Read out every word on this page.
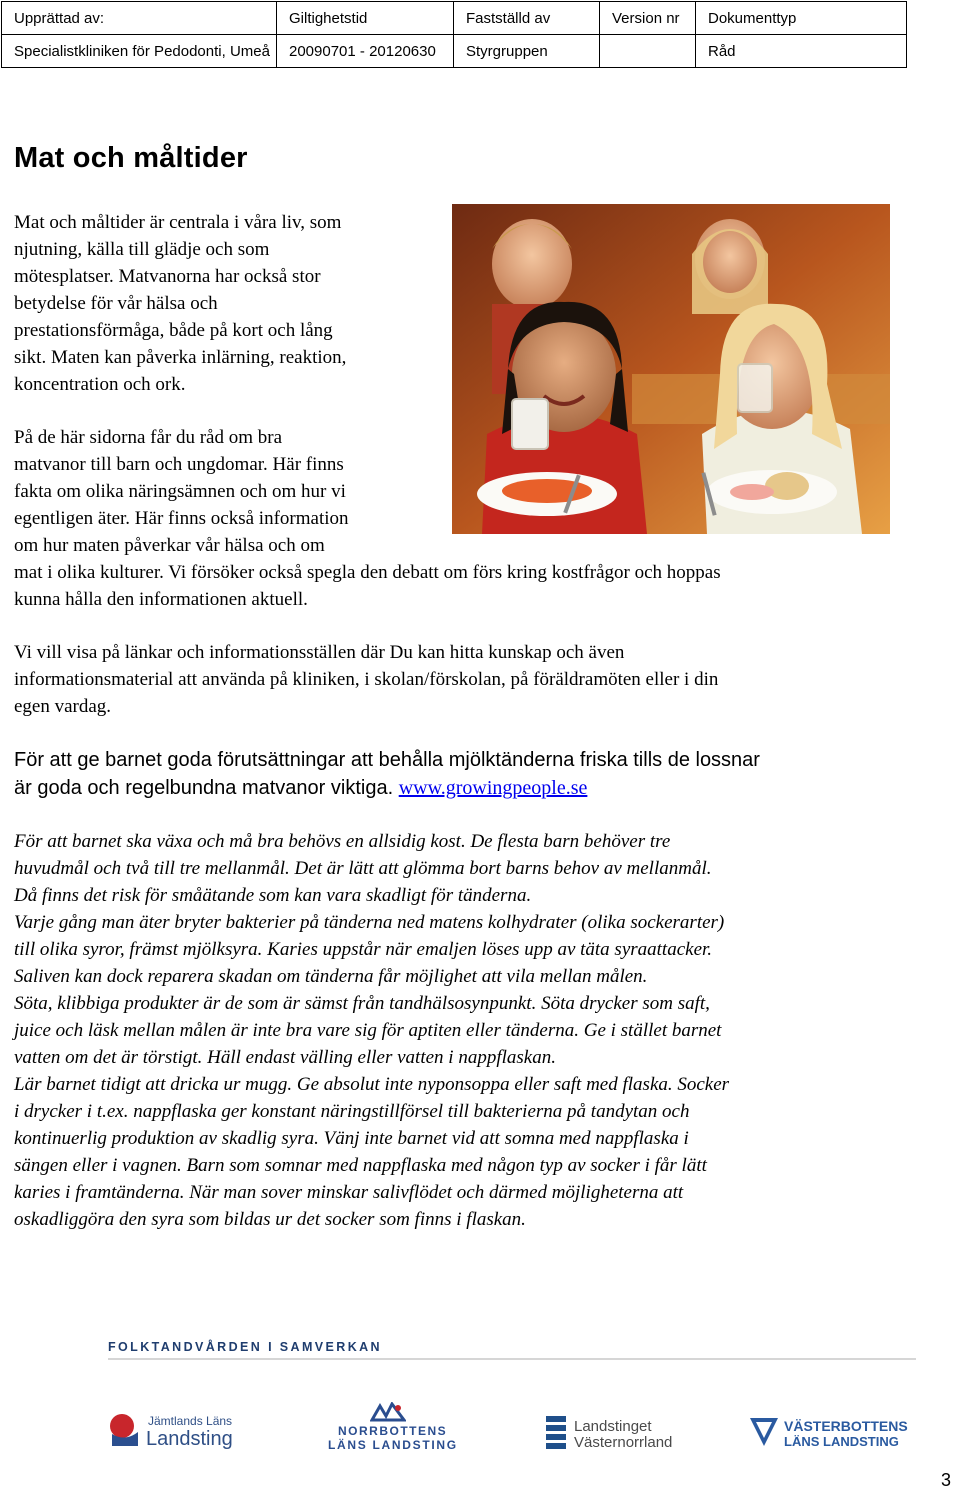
Upprättad av:	Giltighetstid	Fastställd av	Version nr	Dokumenttyp
Specialistkliniken för Pedodonti, Umeå	20090701 - 20120630	Styrgruppen		Råd
Mat och måltider

Mat och måltider är centrala i våra liv, som
njutning, källa till glädje och som
mötesplatser. Matvanorna har också stor
betydelse för vår hälsa och
prestationsförmåga, både på kort och lång
sikt. Maten kan påverka inlärning, reaktion,
koncentration och ork.

På de här sidorna får du råd om bra
matvanor till barn och ungdomar. Här finns
fakta om olika näringsämnen och om hur vi
egentligen äter. Här finns också information
om hur maten påverkar vår hälsa och om
mat i olika kulturer. Vi försöker också spegla den debatt om förs kring kostfrågor och hoppas
kunna hålla den informationen aktuell.

Vi vill visa på länkar och informationsställen där Du kan hitta kunskap och även
informationsmaterial att använda på kliniken, i skolan/förskolan, på föräldramöten eller i din
egen vardag.

För att ge barnet goda förutsättningar att behålla mjölktänderna friska tills de lossnar
är goda och regelbundna matvanor viktiga. www.growingpeople.se

För att barnet ska växa och må bra behövs en allsidig kost. De flesta barn behöver tre
huvudmål och två till tre mellanmål. Det är lätt att glömma bort barns behov av mellanmål.
Då finns det risk för småätande som kan vara skadligt för tänderna.
Varje gång man äter bryter bakterier på tänderna ned matens kolhydrater (olika sockerarter)
till olika syror, främst mjölksyra. Karies uppstår när emaljen löses upp av täta syraattacker.
Saliven kan dock reparera skadan om tänderna får möjlighet att vila mellan målen.
Söta, klibbiga produkter är de som är sämst från tandhälsosynpunkt. Söta drycker som saft,
juice och läsk mellan målen är inte bra vare sig för aptiten eller tänderna. Ge i stället barnet
vatten om det är törstigt. Häll endast välling eller vatten i nappflaskan.
Lär barnet tidigt att dricka ur mugg. Ge absolut inte nyponsoppa eller saft med flaska. Socker
i drycker i t.ex. nappflaska ger konstant näringstillförsel till bakterierna på tandytan och
kontinuerlig produktion av skadlig syra. Vänj inte barnet vid att somna med nappflaska i
sängen eller i vagnen. Barn som somnar med nappflaska med någon typ av socker i får lätt
karies i framtänderna. När man sover minskar salivflödet och därmed möjligheterna att
oskadliggöra den syra som bildas ur det socker som finns i flaskan.

FOLKTANDVÅRDEN I SAMVERKAN
Jämtlands Läns
Landsting	NORRBOTTENS
LÄNS LANDSTING
Landstinget
Västernorrland
VÄSTERBOTTENS
LÄNS LANDSTING
3
